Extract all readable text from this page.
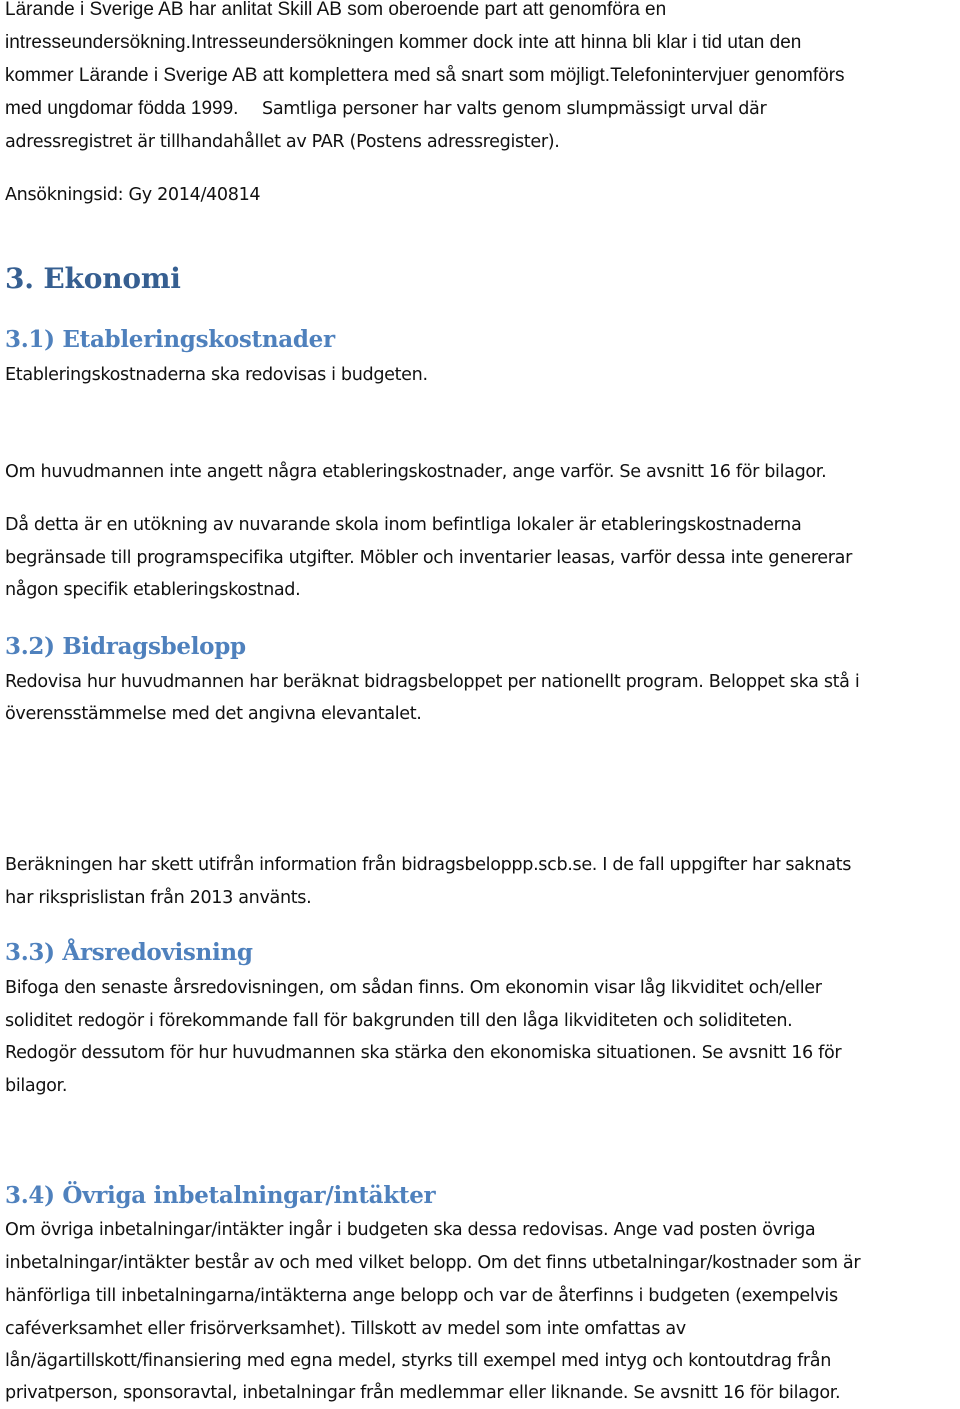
Lärande i Sverige AB har anlitat Skill AB som oberoende part att genomföra en
intresseundersökning.Intresseundersökningen kommer dock inte att hinna bli klar i tid utan den
kommer Lärande i Sverige AB att komplettera med så snart som möjligt.Telefonintervjuer genomförs
med ungdomar födda 1999. Samtliga personer har valts genom slumpmässigt urval där
adressregistret är tillhandahållet av PAR (Postens adressregister).
Ansökningsid: Gy 2014/40814
3. Ekonomi
3.1) Etableringskostnader
Etableringskostnaderna ska redovisas i budgeten.
Om huvudmannen inte angett några etableringskostnader, ange varför. Se avsnitt 16 för bilagor.
Då detta är en utökning av nuvarande skola inom befintliga lokaler är etableringskostnaderna
begränsade till programspecifika utgifter. Möbler och inventarier leasas, varför dessa inte genererar
någon specifik etableringskostnad.
3.2) Bidragsbelopp
Redovisa hur huvudmannen har beräknat bidragsbeloppet per nationellt program. Beloppet ska stå i
överensstämmelse med det angivna elevantalet.
Beräkningen har skett utifrån information från bidragsbeloppp.scb.se. I de fall uppgifter har saknats
har riksprislistan från 2013 använts.
3.3) Årsredovisning
Bifoga den senaste årsredovisningen, om sådan finns. Om ekonomin visar låg likviditet och/eller
soliditet redogör i förekommande fall för bakgrunden till den låga likviditeten och soliditeten.
Redogör dessutom för hur huvudmannen ska stärka den ekonomiska situationen. Se avsnitt 16 för
bilagor.
3.4) Övriga inbetalningar/intäkter
Om övriga inbetalningar/intäkter ingår i budgeten ska dessa redovisas. Ange vad posten övriga
inbetalningar/intäkter består av och med vilket belopp. Om det finns utbetalningar/kostnader som är
hänförliga till inbetalningarna/intäkterna ange belopp och var de återfinns i budgeten (exempelvis
caféverksamhet eller frisörverksamhet). Tillskott av medel som inte omfattas av
lån/ägartillskott/finansiering med egna medel, styrks till exempel med intyg och kontoutdrag från
privatperson, sponsoravtal, inbetalningar från medlemmar eller liknande. Se avsnitt 16 för bilagor.
